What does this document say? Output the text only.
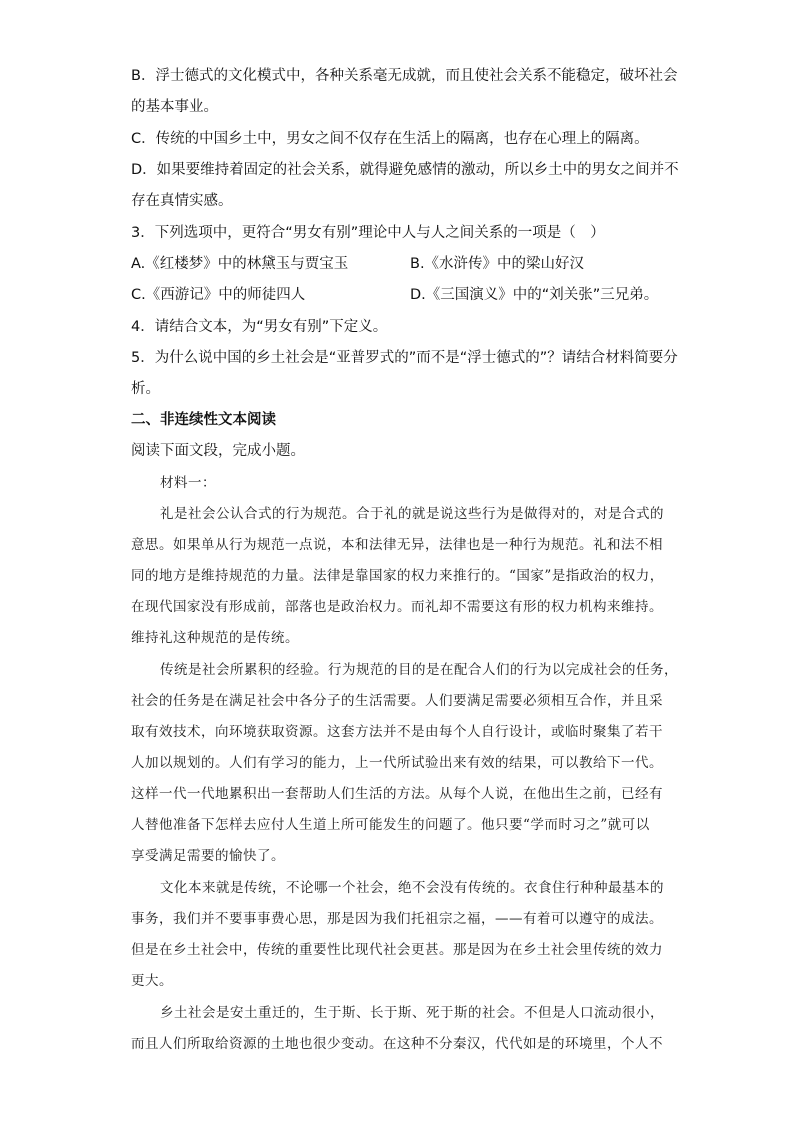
B．浮士德式的文化模式中，各种关系毫无成就，而且使社会关系不能稳定，破坏社会
的基本事业。
C．传统的中国乡土中，男女之间不仅存在生活上的隔离，也存在心理上的隔离。
D．如果要维持着固定的社会关系，就得避免感情的激动，所以乡土中的男女之间并不
存在真情实感。
3．下列选项中，更符合“男女有别”理论中人与人之间关系的一项是（　）
A.《红楼梦》中的林黛玉与贾宝玉	B.《水浒传》中的梁山好汉
C.《西游记》中的师徒四人	D.《三国演义》中的“刘关张”三兄弟。
4．请结合文本，为“男女有别”下定义。
5．为什么说中国的乡土社会是“亚普罗式的”而不是“浮士德式的”？请结合材料简要分
析。
二、非连续性文本阅读
阅读下面文段，完成小题。
材料一：
礼是社会公认合式的行为规范。合于礼的就是说这些行为是做得对的，对是合式的
意思。如果单从行为规范一点说，本和法律无异，法律也是一种行为规范。礼和法不相
同的地方是维持规范的力量。法律是靠国家的权力来推行的。“国家”是指政治的权力，
在现代国家没有形成前，部落也是政治权力。而礼却不需要这有形的权力机构来维持。
维持礼这种规范的是传统。
传统是社会所累积的经验。行为规范的目的是在配合人们的行为以完成社会的任务，
社会的任务是在满足社会中各分子的生活需要。人们要满足需要必须相互合作，并且采
取有效技术，向环境获取资源。这套方法并不是由每个人自行设计，或临时聚集了若干
人加以规划的。人们有学习的能力，上一代所试验出来有效的结果，可以教给下一代。
这样一代一代地累积出一套帮助人们生活的方法。从每个人说，在他出生之前，已经有
人替他准备下怎样去应付人生道上所可能发生的问题了。他只要“学而时习之”就可以
享受满足需要的愉快了。
文化本来就是传统，不论哪一个社会，绝不会没有传统的。衣食住行种种最基本的
事务，我们并不要事事费心思，那是因为我们托祖宗之福，——有着可以遵守的成法。
但是在乡土社会中，传统的重要性比现代社会更甚。那是因为在乡土社会里传统的效力
更大。
乡土社会是安土重迁的，生于斯、长于斯、死于斯的社会。不但是人口流动很小，
而且人们所取给资源的土地也很少变动。在这种不分秦汉，代代如是的环境里，个人不
